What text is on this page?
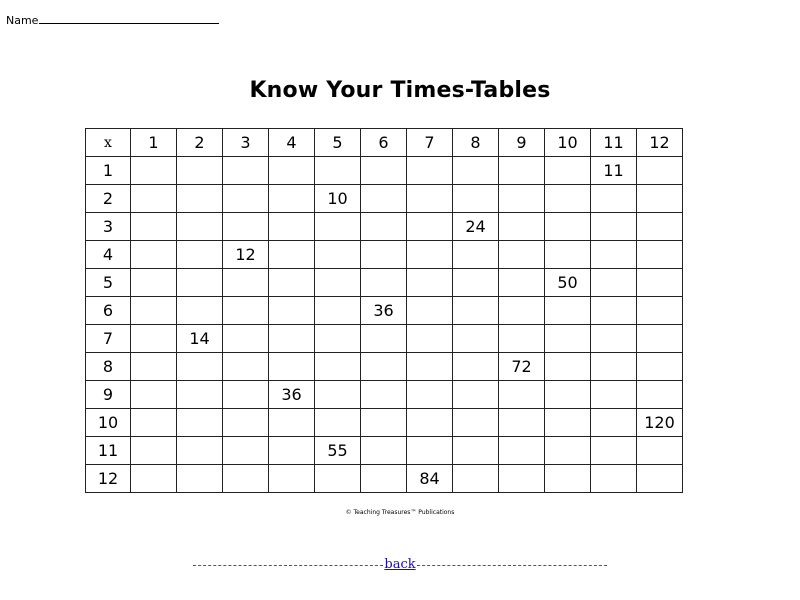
Name
Know Your Times-Tables
x	1	2	3	4	5	6	7	8	9	10	11	12
1											11	
2					10							
3								24				
4			12									
5										50		
6						36						
7		14										
8									72			
9				36								
10												120
11					55							
12							84					
© Teaching Treasures™ Publications
back
